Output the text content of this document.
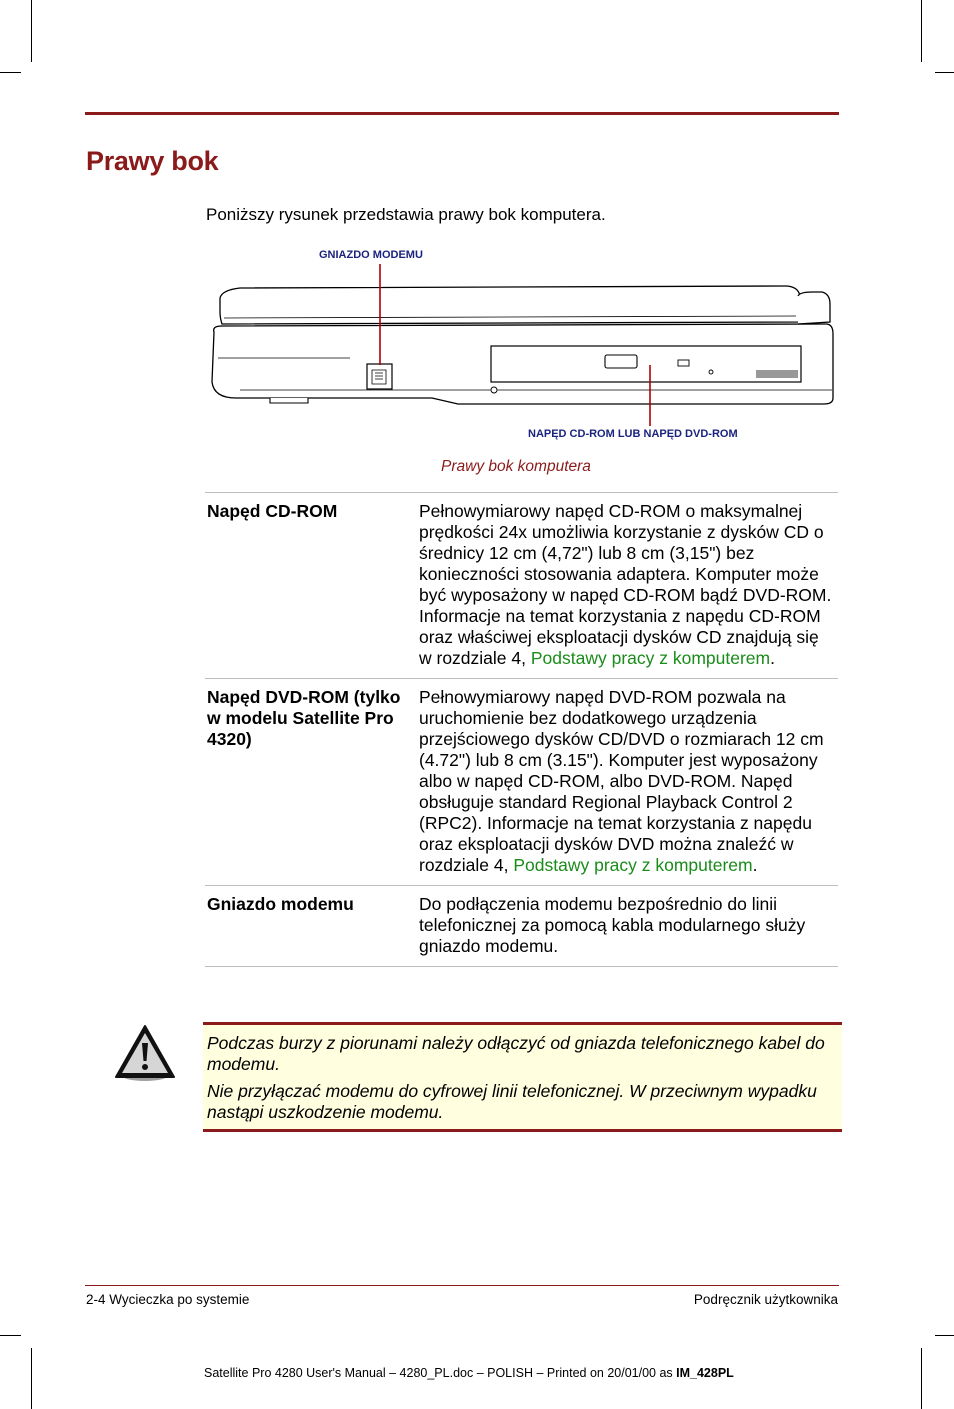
Prawy bok
Poniższy rysunek przedstawia prawy bok komputera.
GNIAZDO MODEMU
NAPĘD CD-ROM LUB NAPĘD DVD-ROM
Prawy bok komputera
Napęd CD-ROM	Pełnowymiarowy napęd CD-ROM o maksymalnej prędkości 24x umożliwia korzystanie z dysków CD o średnicy 12 cm (4,72") lub 8 cm (3,15") bez konieczności stosowania adaptera. Komputer może być wyposażony w napęd CD-ROM bądź DVD-ROM. Informacje na temat korzystania z napędu CD-ROM oraz właściwej eksploatacji dysków CD znajdują się w rozdziale 4, Podstawy pracy z komputerem.
Napęd DVD-ROM (tylko w modelu Satellite Pro 4320)	Pełnowymiarowy napęd DVD-ROM pozwala na uruchomienie bez dodatkowego urządzenia przejściowego dysków CD/DVD o rozmiarach 12 cm (4.72") lub 8 cm (3.15"). Komputer jest wyposażony albo w napęd CD-ROM, albo DVD-ROM. Napęd obsługuje standard Regional Playback Control 2 (RPC2). Informacje na temat korzystania z napędu oraz eksploatacji dysków DVD można znaleźć w rozdziale 4, Podstawy pracy z komputerem.
Gniazdo modemu	Do podłączenia modemu bezpośrednio do linii telefonicznej za pomocą kabla modularnego służy gniazdo modemu.

Podczas burzy z piorunami należy odłączyć od gniazda telefonicznego kabel do modemu.

Nie przyłączać modemu do cyfrowej linii telefonicznej. W przeciwnym wypadku nastąpi uszkodzenie modemu.

2-4 Wycieczka po systemie	Podręcznik użytkownika
Satellite Pro 4280 User's Manual – 4280_PL.doc – POLISH – Printed on 20/01/00 as IM_428PL
